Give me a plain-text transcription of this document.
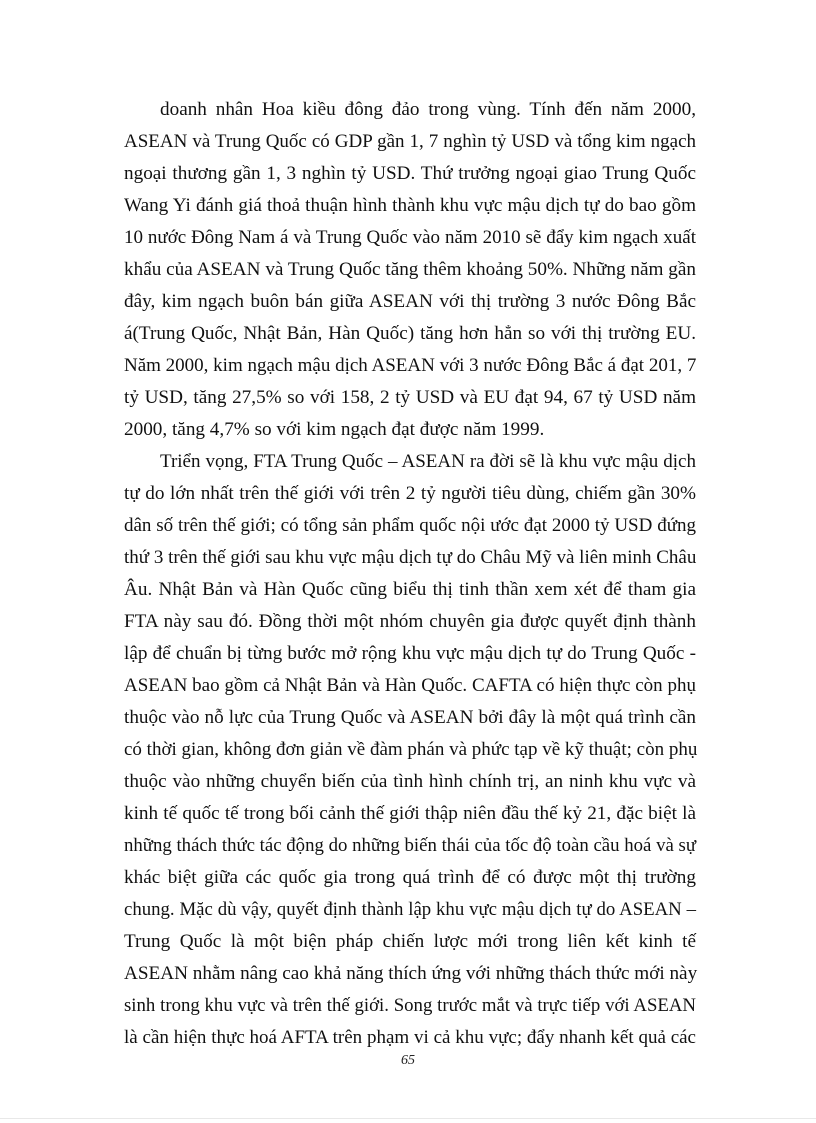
doanh nhân Hoa kiều đông đảo trong vùng. Tính đến năm 2000,
ASEAN và Trung Quốc có GDP gần 1, 7 nghìn tỷ USD và tổng kim ngạch
ngoại thương gần 1, 3 nghìn tỷ USD. Thứ trưởng ngoại giao Trung Quốc
Wang Yi đánh giá thoả thuận hình thành khu vực mậu dịch tự do bao gồm
10 nước Đông Nam á và Trung Quốc vào năm 2010 sẽ đẩy kim ngạch xuất
khẩu của ASEAN và Trung Quốc tăng thêm khoảng 50%. Những năm gần
đây, kim ngạch buôn bán giữa ASEAN với thị trường 3 nước Đông Bắc
á(Trung Quốc, Nhật Bản, Hàn Quốc) tăng hơn hẳn so với thị trường EU.
Năm 2000, kim ngạch mậu dịch ASEAN với 3 nước Đông Bắc á đạt 201, 7
tỷ USD, tăng 27,5% so với 158, 2 tỷ USD và EU đạt 94, 67 tỷ USD năm
2000, tăng 4,7% so với kim ngạch đạt được năm 1999.
Triển vọng, FTA Trung Quốc – ASEAN ra đời sẽ là khu vực mậu dịch
tự do lớn nhất trên thế giới với trên 2 tỷ người tiêu dùng, chiếm gần 30%
dân số trên thế giới; có tổng sản phẩm quốc nội ước đạt 2000 tỷ USD đứng
thứ 3 trên thế giới sau khu vực mậu dịch tự do Châu Mỹ và liên minh Châu
Âu. Nhật Bản và Hàn Quốc cũng biểu thị tinh thần xem xét để tham gia
FTA này sau đó. Đồng thời một nhóm chuyên gia được quyết định thành
lập để chuẩn bị từng bước mở rộng khu vực mậu dịch tự do Trung Quốc -
ASEAN bao gồm cả Nhật Bản và Hàn Quốc. CAFTA có hiện thực còn phụ
thuộc vào nỗ lực của Trung Quốc và ASEAN bởi đây là một quá trình cần
có thời gian, không đơn giản về đàm phán và phức tạp về kỹ thuật; còn phụ
thuộc vào những chuyển biến của tình hình chính trị, an ninh khu vực và
kinh tế quốc tế trong bối cảnh thế giới thập niên đầu thế kỷ 21, đặc biệt là
những thách thức tác động do những biến thái của tốc độ toàn cầu hoá và sự
khác biệt giữa các quốc gia trong quá trình để có được một thị trường
chung. Mặc dù vậy, quyết định thành lập khu vực mậu dịch tự do ASEAN –
Trung Quốc là một biện pháp chiến lược mới trong liên kết kinh tế
ASEAN nhằm nâng cao khả năng thích ứng với những thách thức mới này
sinh trong khu vực và trên thế giới. Song trước mắt và trực tiếp với ASEAN
là cần hiện thực hoá AFTA trên phạm vi cả khu vực; đẩy nhanh kết quả các
65
